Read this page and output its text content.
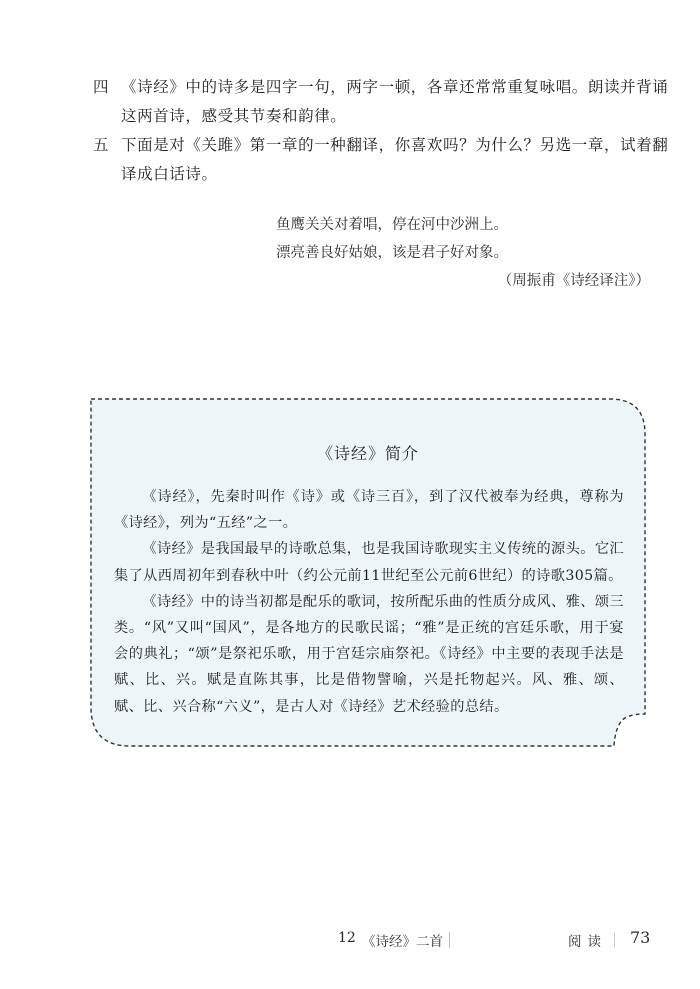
四 《诗经》中的诗多是四字一句，两字一顿，各章还常常重复咏唱。朗读并背诵这两首诗，感受其节奏和韵律。
五 下面是对《关雎》第一章的一种翻译，你喜欢吗？为什么？另选一章，试着翻译成白话诗。
鱼鹰关关对着唱，停在河中沙洲上。
漂亮善良好姑娘，该是君子好对象。
（周振甫《诗经译注》）
《诗经》简介

《诗经》，先秦时叫作《诗》或《诗三百》，到了汉代被奉为经典，尊称为《诗经》，列为“五经”之一。

《诗经》是我国最早的诗歌总集，也是我国诗歌现实主义传统的源头。它汇集了从西周初年到春秋中叶（约公元前11世纪至公元前6世纪）的诗歌305篇。

《诗经》中的诗当初都是配乐的歌词，按所配乐曲的性质分成风、雅、颂三类。“风”又叫“国风”，是各地方的民歌民谣；“雅”是正统的宫廷乐歌，用于宴会的典礼；“颂”是祭祀乐歌，用于宫廷宗庙祭祀。《诗经》中主要的表现手法是赋、比、兴。赋是直陈其事，比是借物譬喻，兴是托物起兴。风、雅、颂、赋、比、兴合称“六义”，是古人对《诗经》艺术经验的总结。

12 《诗经》二首	阅读 73
